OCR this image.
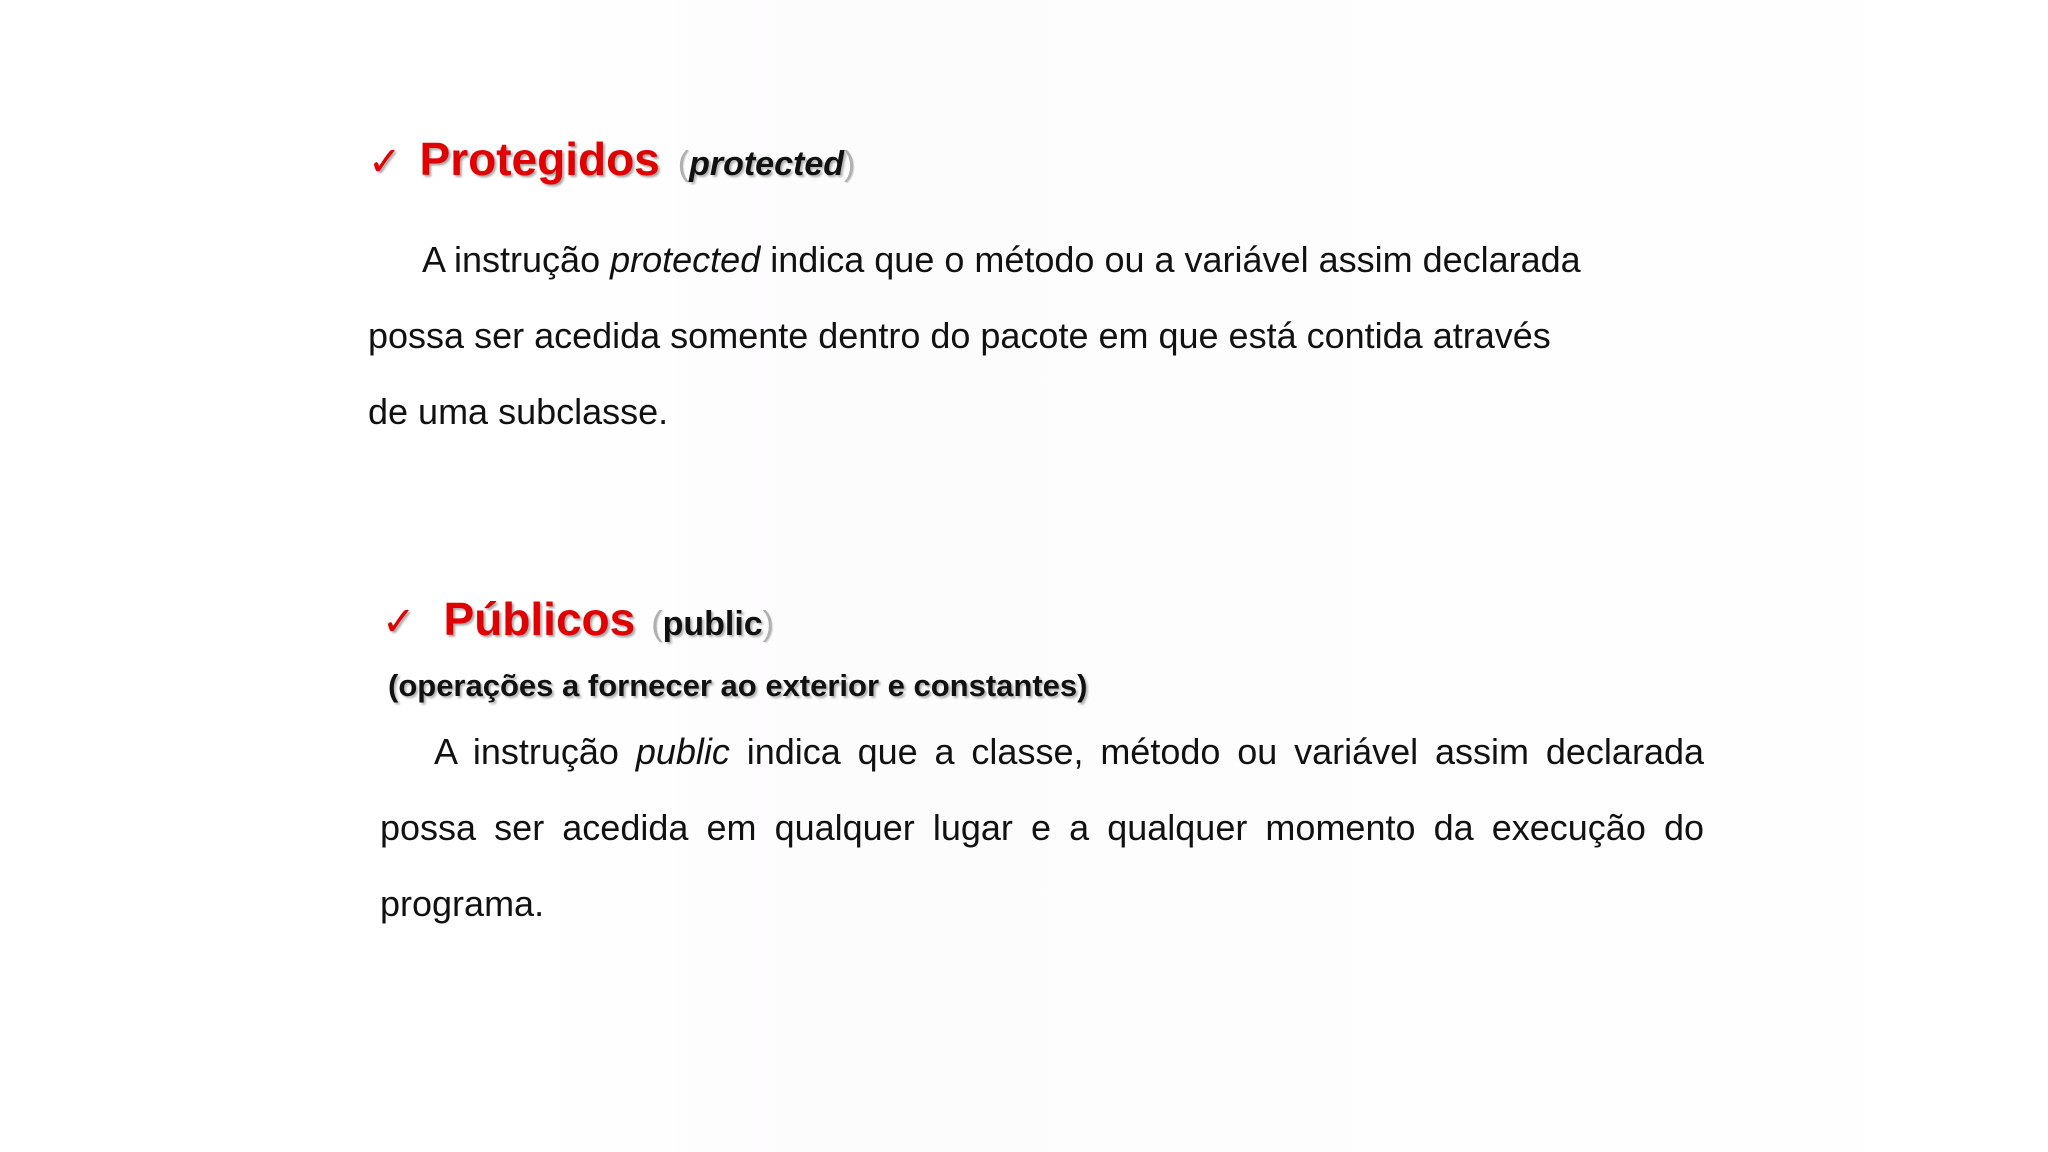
✓ Protegidos ( protected )
A instrução protected indica que o método ou a variável assim declarada
possa ser acedida somente dentro do pacote em que está contida através
de uma subclasse.
✓ Públicos ( public )
(operações a fornecer ao exterior e constantes)
A instrução public indica que a classe, método ou variável assim declarada possa ser acedida em qualquer lugar e a qualquer momento da execução do programa.
